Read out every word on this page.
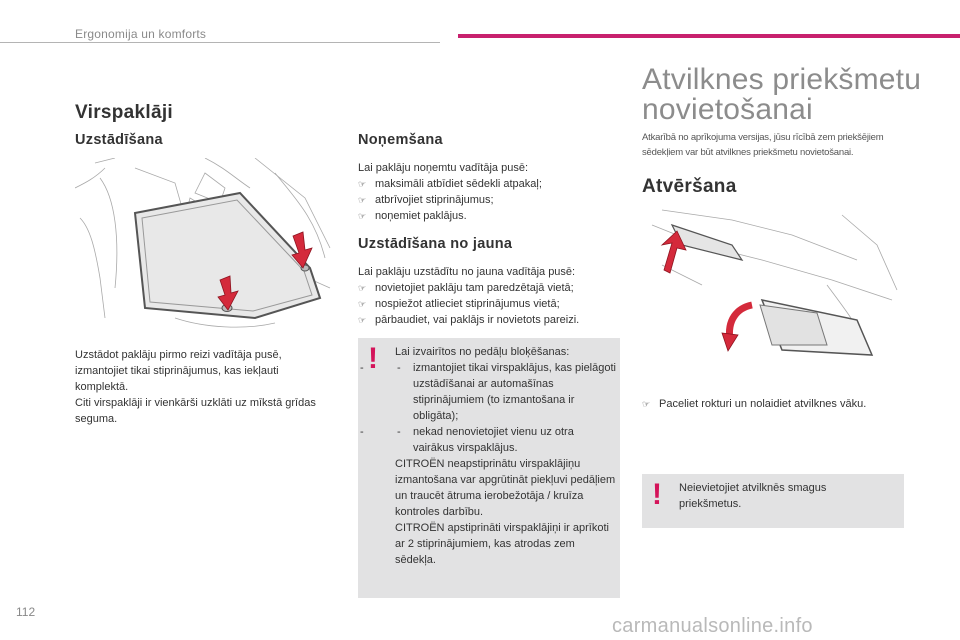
Ergonomija un komforts
Virspaklāji
Uzstādīšana
Uzstādot paklāju pirmo reizi vadītāja pusē, izmantojiet tikai stiprinājumus, kas iekļauti komplektā.
Citi virspaklāji ir vienkārši uzklāti uz mīkstā grīdas seguma.
Noņemšana
Lai paklāju noņemtu vadītāja pusē:
☞ maksimāli atbīdiet sēdekli atpakaļ;
☞ atbrīvojiet stiprinājumus;
☞ noņemiet paklājus.
Uzstādīšana no jauna
Lai paklāju uzstādītu no jauna vadītāja pusē:
☞ novietojiet paklāju tam paredzētajā vietā;
☞ nospiežot atlieciet stiprinājumus vietā;
☞ pārbaudiet, vai paklājs ir novietots pareizi.
! Lai izvairītos no pedāļu bloķēšanas:
- - izmantojiet tikai virspaklājus, kas pielāgoti uzstādīšanai ar automašīnas stiprinājumiem (to izmantošana ir obligāta);
- - nekad nenovietojiet vienu uz otra vairākus virspaklājus.
CITROËN neapstiprinātu virspaklājiņu izmantošana var apgrūtināt piekļuvi pedāļiem un traucēt ātruma ierobežotāja / kruīza kontroles darbību.
CITROËN apstiprināti virspaklājiņi ir aprīkoti ar 2 stiprinājumiem, kas atrodas zem sēdekļa.
Atvilknes priekšmetu
novietošanai
Atkarībā no aprīkojuma versijas, jūsu rīcībā zem priekšējiem sēdekļiem var būt atvilknes priekšmetu novietošanai.
Atvēršana
☞ Paceliet rokturi un nolaidiet atvilknes vāku.
! Neievietojiet atvilknēs smagus priekšmetus.
112
carmanualsonline.info
